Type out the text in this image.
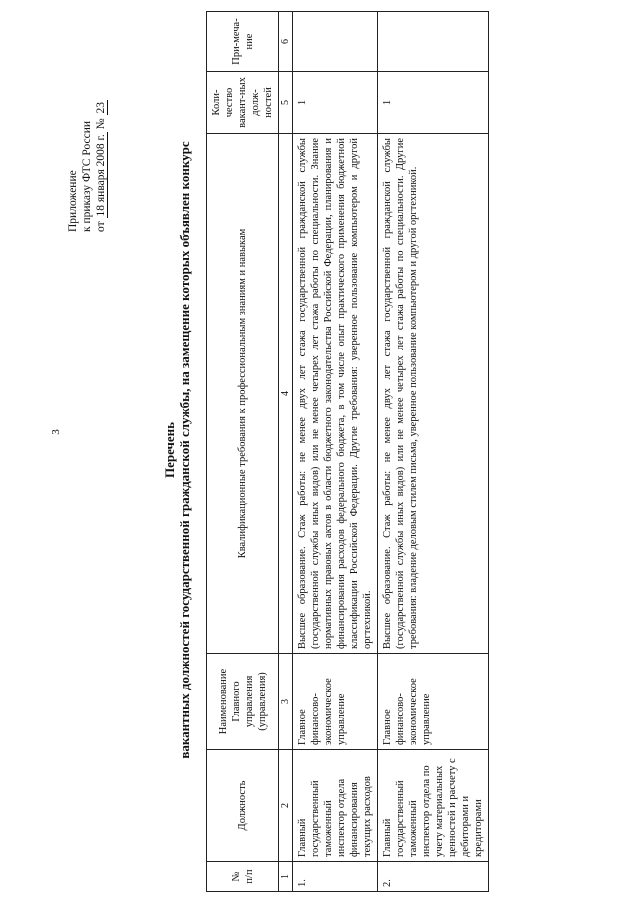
3
Приложение к приказу ФТС России от 18 января 2008 г. № 23
Перечень вакантных должностей государственной гражданской службы, на замещение которых объявлен конкурс
№ п/п	Должность	Наименование Главного управления (управления)	Квалификационные требования к профессиональным знаниям и навыкам	Коли-чество вакант-ных долж-ностей	При-меча-ние
1	2	3	4	5	6
1.	Главный государственный таможенный инспектор отдела финансирования текущих расходов	Главное финансово-экономическое управление	Высшее образование. Стаж работы: не менее двух лет стажа государственной гражданской службы (государственной службы иных видов) или не менее четырех лет стажа работы по специальности. Знание нормативных правовых актов в области бюджетного законодательства Российской Федерации, планирования и финансирования расходов федерального бюджета, в том числе опыт практического применения бюджетной классификации Российской Федерации. Другие требования: уверенное пользование компьютером и другой оргтехникой.	1	
2.	Главный государственный таможенный инспектор отдела по учету материальных ценностей и расчету с дебиторами и кредиторами	Главное финансово-экономическое управление	Высшее образование. Стаж работы: не менее двух лет стажа государственной гражданской службы (государственной службы иных видов) или не менее четырех лет стажа работы по специальности. Другие требования: владение деловым стилем письма, уверенное пользование компьютером и другой оргтехникой.	1	
